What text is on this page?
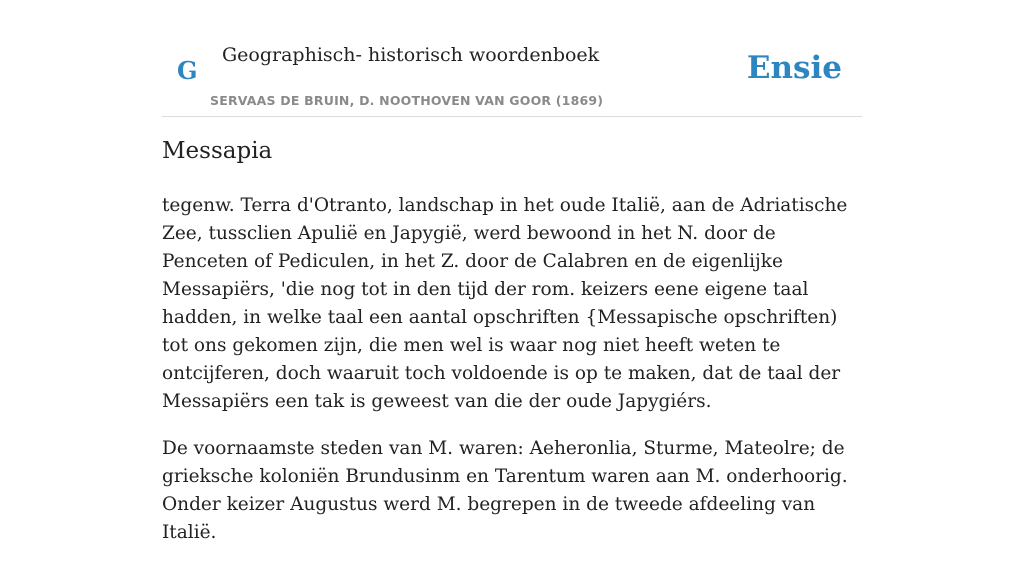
G
Geographisch- historisch woordenboek
SERVAAS DE BRUIN, D. NOOTHOVEN VAN GOOR (1869)
Ensie
Messapia

tegenw. Terra d'Otranto, landschap in het oude Italië, aan de Adriatische Zee, tussclien Apulië en Japygië, werd bewoond in het N. door de Penceten of Pediculen, in het Z. door de Calabren en de eigenlijke Messapiërs, 'die nog tot in den tijd der rom. keizers eene eigene taal hadden, in welke taal een aantal opschriften {Messapische opschriften) tot ons gekomen zijn, die men wel is waar nog niet heeft weten te ontcijferen, doch waaruit toch voldoende is op te maken, dat de taal der Messapiërs een tak is geweest van die der oude Japygiérs.

De voornaamste steden van M. waren: Aeheronlia, Sturme, Mateolre; de grieksche koloniën Brundusinm en Tarentum waren aan M. onderhoorig. Onder keizer Augustus werd M. begrepen in de tweede afdeeling van Italië.
